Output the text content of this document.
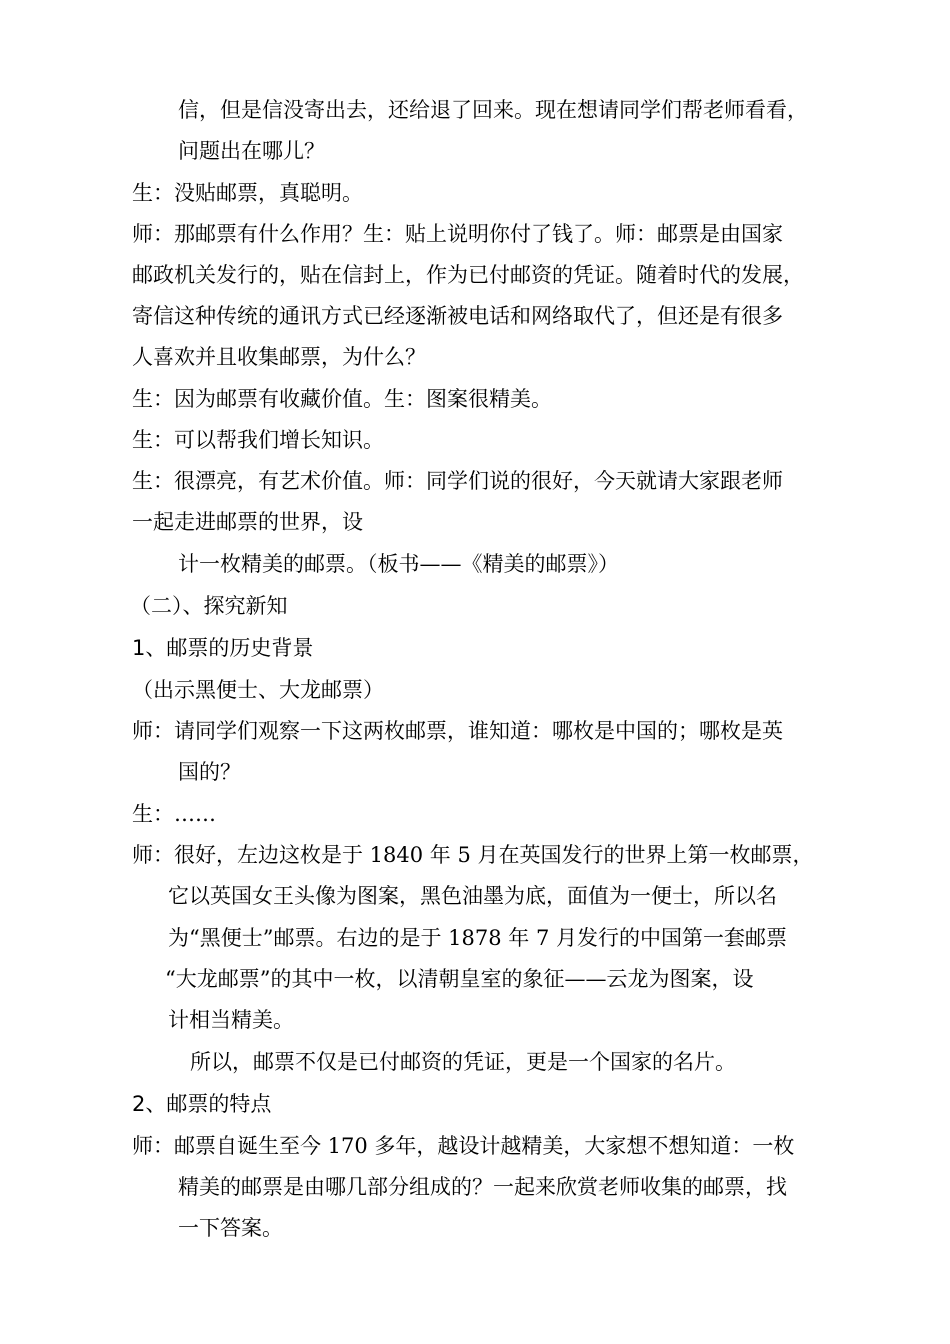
信，但是信没寄出去，还给退了回来。现在想请同学们帮老师看看，
问题出在哪儿？
生：没贴邮票，真聪明。
师：那邮票有什么作用？生：贴上说明你付了钱了。师：邮票是由国家
邮政机关发行的，贴在信封上，作为已付邮资的凭证。随着时代的发展，
寄信这种传统的通讯方式已经逐渐被电话和网络取代了，但还是有很多
人喜欢并且收集邮票，为什么？
生：因为邮票有收藏价值。生：图案很精美。
生：可以帮我们增长知识。
生：很漂亮，有艺术价值。师：同学们说的很好，今天就请大家跟老师
一起走进邮票的世界，设
计一枚精美的邮票。（板书——《精美的邮票》）
（二）、探究新知
1、邮票的历史背景
（出示黑便士、大龙邮票）
师：请同学们观察一下这两枚邮票，谁知道：哪枚是中国的；哪枚是英
国的？
生：……
师：很好，左边这枚是于 1840 年 5 月在英国发行的世界上第一枚邮票，
它以英国女王头像为图案，黑色油墨为底，面值为一便士，所以名
为“黑便士”邮票。右边的是于 1878 年 7 月发行的中国第一套邮票
“大龙邮票”的其中一枚，以清朝皇室的象征——云龙为图案，设
计相当精美。
所以，邮票不仅是已付邮资的凭证，更是一个国家的名片。
2、邮票的特点
师：邮票自诞生至今 170 多年，越设计越精美，大家想不想知道：一枚
精美的邮票是由哪几部分组成的？一起来欣赏老师收集的邮票，找
一下答案。
